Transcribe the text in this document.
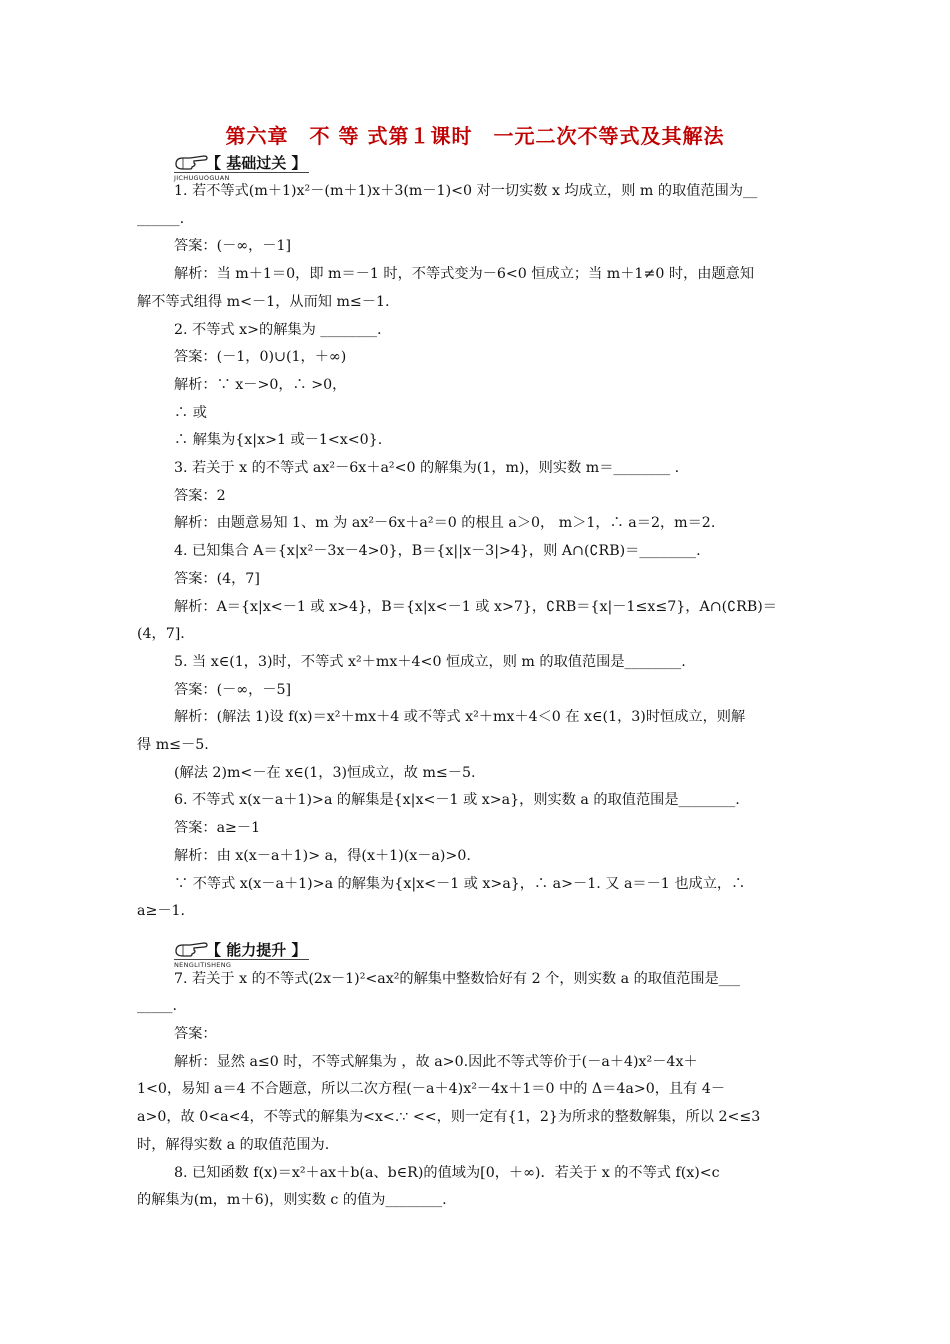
第六章　不 等 式第１课时　一元二次不等式及其解法
【 基础过关 】
JICHUGUOGUAN
【 能力提升 】
NENGLITISHENG
1. 若不等式(m＋1)x²－(m＋1)x＋3(m－1)<0 对一切实数 x 均成立，则 m 的取值范围为__
______.
答案：(－∞，－1]
解析：当 m＋1＝0，即 m＝－1 时，不等式变为－6<0 恒成立；当 m＋1≠0 时，由题意知
解不等式组得 m<－1，从而知 m≤－1.
2. 不等式 x>的解集为 ________.
答案：(－1，0)∪(1，＋∞)
解析：∵ x－>0，∴ >0，
∴ 或
∴ 解集为{x|x>1 或－1<x<0}.
3. 若关于 x 的不等式 ax²－6x＋a²<0 的解集为(1，m)，则实数 m＝________ .
答案：2
解析：由题意易知 1、m 为 ax²－6x＋a²＝0 的根且 a＞0， m＞1，∴ a＝2，m＝2.
4. 已知集合 A＝{x|x²－3x－4>0}，B＝{x||x－3|>4}，则 A∩(∁RB)＝________.
答案：(4，7]
解析：A＝{x|x<－1 或 x>4}，B＝{x|x<－1 或 x>7}，∁RB＝{x|－1≤x≤7}，A∩(∁RB)＝
(4，7].
5. 当 x∈(1，3)时，不等式 x²＋mx＋4<0 恒成立，则 m 的取值范围是________.
答案：(－∞，－5]
解析：(解法 1)设 f(x)＝x²＋mx＋4 或不等式 x²＋mx＋4＜0 在 x∈(1，3)时恒成立，则解
得 m≤－5.
(解法 2)m<－在 x∈(1，3)恒成立，故 m≤－5.
6. 不等式 x(x－a＋1)>a 的解集是{x|x<－1 或 x>a}，则实数 a 的取值范围是________.
答案：a≥－1
解析：由 x(x－a＋1)> a，得(x＋1)(x－a)>0.
∵ 不等式 x(x－a＋1)>a 的解集为{x|x<－1 或 x>a}，∴ a>－1. 又 a＝－1 也成立，∴
a≥－1.
7. 若关于 x 的不等式(2x－1)²<ax²的解集中整数恰好有 2 个，则实数 a 的取值范围是___
_____.
答案：
解析：显然 a≤0 时，不等式解集为 ，故 a>0.因此不等式等价于(－a＋4)x²－4x＋
1<0，易知 a＝4 不合题意，所以二次方程(－a＋4)x²－4x＋1＝0 中的 Δ＝4a>0，且有 4－
a>0，故 0<a<4，不等式的解集为<x<.∵ <<，则一定有{1，2}为所求的整数解集，所以 2<≤3
时，解得实数 a 的取值范围为.
8. 已知函数 f(x)＝x²＋ax＋b(a、b∈R)的值域为[0，＋∞)．若关于 x 的不等式 f(x)<c
的解集为(m，m＋6)，则实数 c 的值为________.
